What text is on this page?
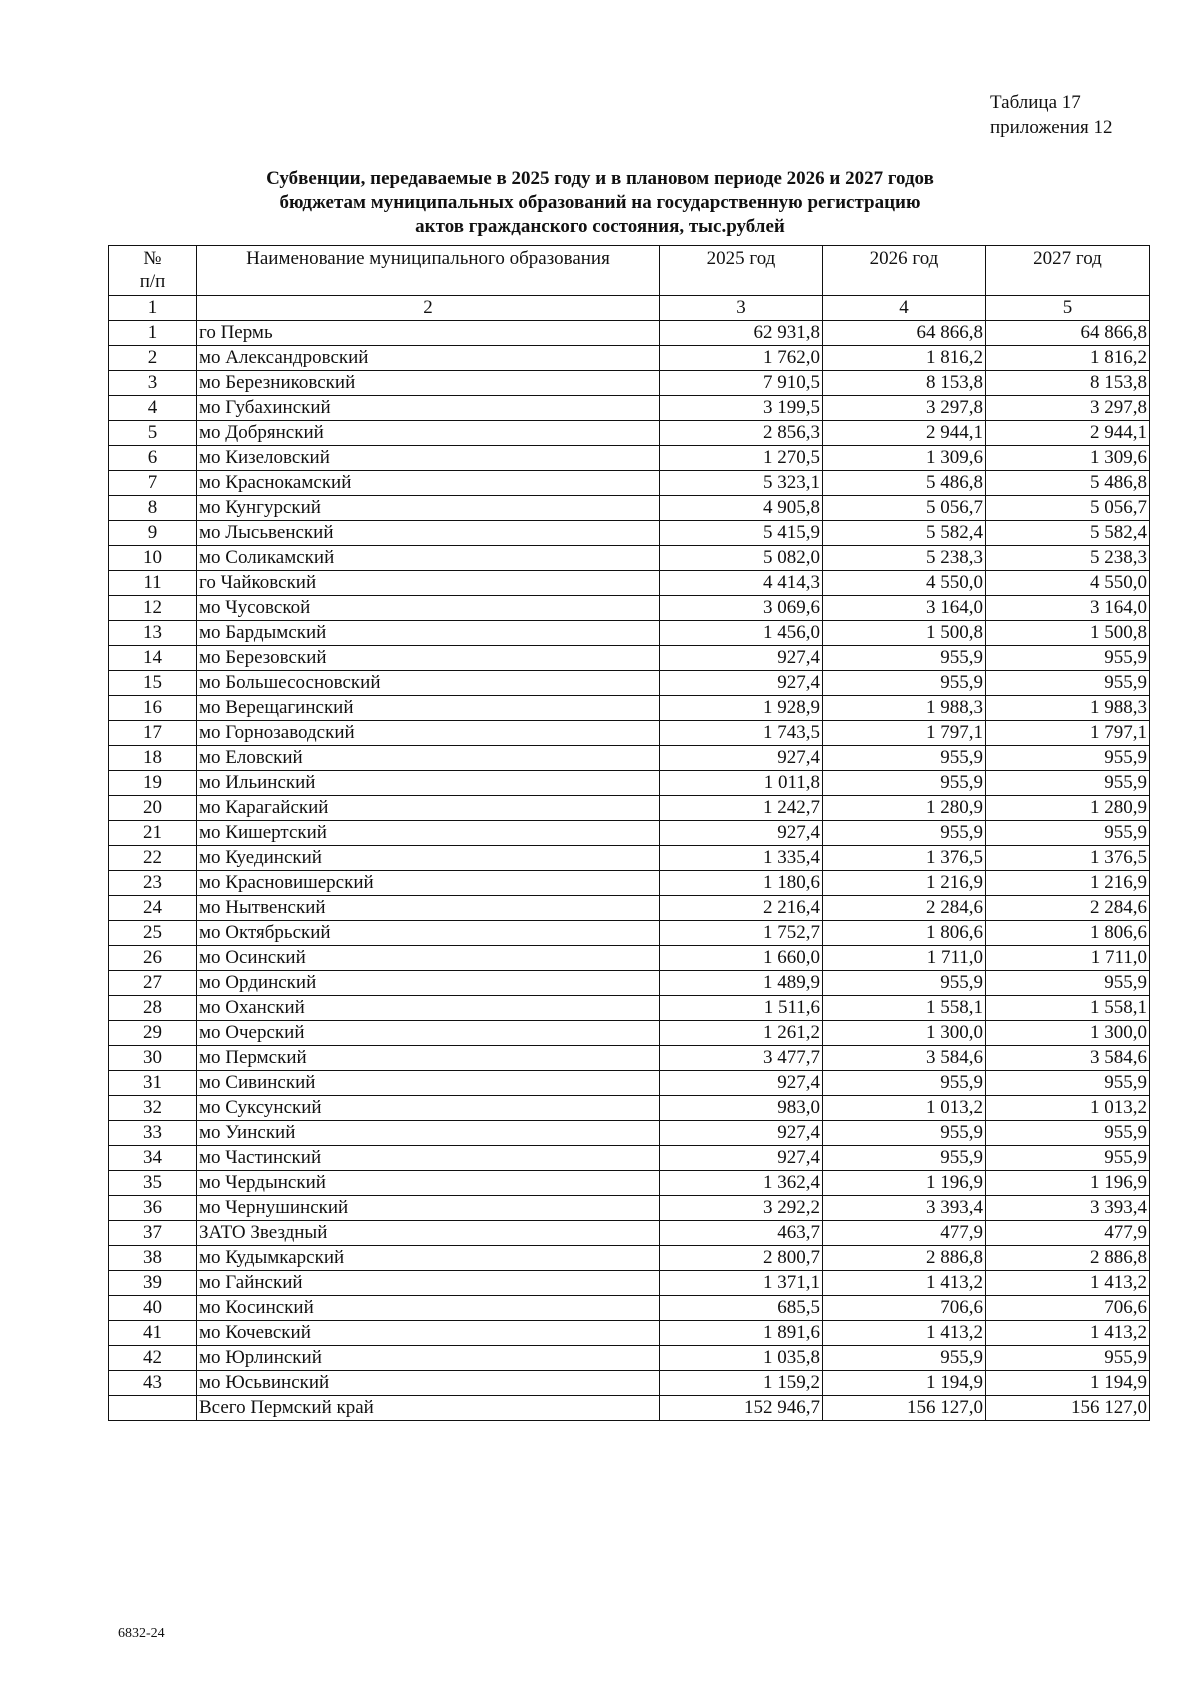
Таблица 17
приложения 12
Субвенции, передаваемые в 2025 году и в плановом периоде 2026 и 2027 годов
бюджетам муниципальных образований на государственную регистрацию
актов гражданского состояния, тыс.рублей
№
п/п	Наименование муниципального образования	2025 год	2026 год	2027 год
1	2	3	4	5
1	го Пермь	62 931,8	64 866,8	64 866,8
2	мо Александровский	1 762,0	1 816,2	1 816,2
3	мо Березниковский	7 910,5	8 153,8	8 153,8
4	мо Губахинский	3 199,5	3 297,8	3 297,8
5	мо Добрянский	2 856,3	2 944,1	2 944,1
6	мо Кизеловский	1 270,5	1 309,6	1 309,6
7	мо Краснокамский	5 323,1	5 486,8	5 486,8
8	мо Кунгурский	4 905,8	5 056,7	5 056,7
9	мо Лысьвенский	5 415,9	5 582,4	5 582,4
10	мо Соликамский	5 082,0	5 238,3	5 238,3
11	го Чайковский	4 414,3	4 550,0	4 550,0
12	мо Чусовской	3 069,6	3 164,0	3 164,0
13	мо Бардымский	1 456,0	1 500,8	1 500,8
14	мо Березовский	927,4	955,9	955,9
15	мо Большесосновский	927,4	955,9	955,9
16	мо Верещагинский	1 928,9	1 988,3	1 988,3
17	мо Горнозаводский	1 743,5	1 797,1	1 797,1
18	мо Еловский	927,4	955,9	955,9
19	мо Ильинский	1 011,8	955,9	955,9
20	мо Карагайский	1 242,7	1 280,9	1 280,9
21	мо Кишертский	927,4	955,9	955,9
22	мо Куединский	1 335,4	1 376,5	1 376,5
23	мо Красновишерский	1 180,6	1 216,9	1 216,9
24	мо Нытвенский	2 216,4	2 284,6	2 284,6
25	мо Октябрьский	1 752,7	1 806,6	1 806,6
26	мо Осинский	1 660,0	1 711,0	1 711,0
27	мо Ординский	1 489,9	955,9	955,9
28	мо Оханский	1 511,6	1 558,1	1 558,1
29	мо Очерский	1 261,2	1 300,0	1 300,0
30	мо Пермский	3 477,7	3 584,6	3 584,6
31	мо Сивинский	927,4	955,9	955,9
32	мо Суксунский	983,0	1 013,2	1 013,2
33	мо Уинский	927,4	955,9	955,9
34	мо Частинский	927,4	955,9	955,9
35	мо Чердынский	1 362,4	1 196,9	1 196,9
36	мо Чернушинский	3 292,2	3 393,4	3 393,4
37	ЗАТО Звездный	463,7	477,9	477,9
38	мо Кудымкарский	2 800,7	2 886,8	2 886,8
39	мо Гайнский	1 371,1	1 413,2	1 413,2
40	мо Косинский	685,5	706,6	706,6
41	мо Кочевский	1 891,6	1 413,2	1 413,2
42	мо Юрлинский	1 035,8	955,9	955,9
43	мо Юсьвинский	1 159,2	1 194,9	1 194,9
	Всего Пермский край	152 946,7	156 127,0	156 127,0
6832-24
